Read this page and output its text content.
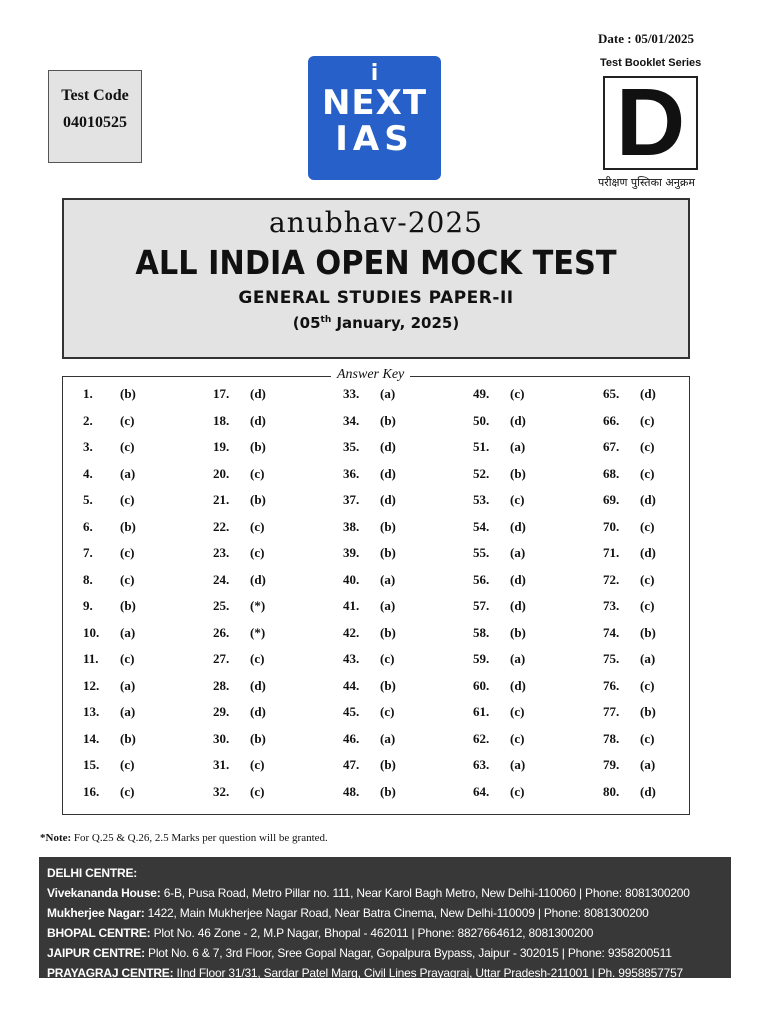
Date : 05/01/2025
Test Code
04010525
i
NEXT
IAS
Test Booklet Series
D
परीक्षण पुस्तिका अनुक्रम
anubhav-2025
ALL INDIA OPEN MOCK TEST
GENERAL STUDIES PAPER-II
(05th January, 2025)
1. (b)
2. (c)
3. (c)
4. (a)
5. (c)
6. (b)
7. (c)
8. (c)
9. (b)
10. (a)
11. (c)
12. (a)
13. (a)
14. (b)
15. (c)
16. (c)
17. (d)
18. (d)
19. (b)
20. (c)
21. (b)
22. (c)
23. (c)
24. (d)
25. (*)
26. (*)
27. (c)
28. (d)
29. (d)
30. (b)
31. (c)
32. (c)
33. (a)
34. (b)
35. (d)
36. (d)
37. (d)
38. (b)
39. (b)
40. (a)
41. (a)
42. (b)
43. (c)
44. (b)
45. (c)
46. (a)
47. (b)
48. (b)
49. (c)
50. (d)
51. (a)
52. (b)
53. (c)
54. (d)
55. (a)
56. (d)
57. (d)
58. (b)
59. (a)
60. (d)
61. (c)
62. (c)
63. (a)
64. (c)
65. (d)
66. (c)
67. (c)
68. (c)
69. (d)
70. (c)
71. (d)
72. (c)
73. (c)
74. (b)
75. (a)
76. (c)
77. (b)
78. (c)
79. (a)
80. (d)
Answer Key
*Note: For Q.25 & Q.26, 2.5 Marks per question will be granted.
DELHI CENTRE:
Vivekananda House: 6-B, Pusa Road, Metro Pillar no. 111, Near Karol Bagh Metro, New Delhi-110060 | Phone: 8081300200
Mukherjee Nagar: 1422, Main Mukherjee Nagar Road, Near Batra Cinema, New Delhi-110009 | Phone: 8081300200
BHOPAL CENTRE: Plot No. 46 Zone - 2, M.P Nagar, Bhopal - 462011 | Phone: 8827664612, 8081300200
JAIPUR CENTRE: Plot No. 6 & 7, 3rd Floor, Sree Gopal Nagar, Gopalpura Bypass, Jaipur - 302015 | Phone: 9358200511
PRAYAGRAJ CENTRE: IInd Floor 31/31, Sardar Patel Marg, Civil Lines Prayagraj, Uttar Pradesh-211001 | Ph. 9958857757
